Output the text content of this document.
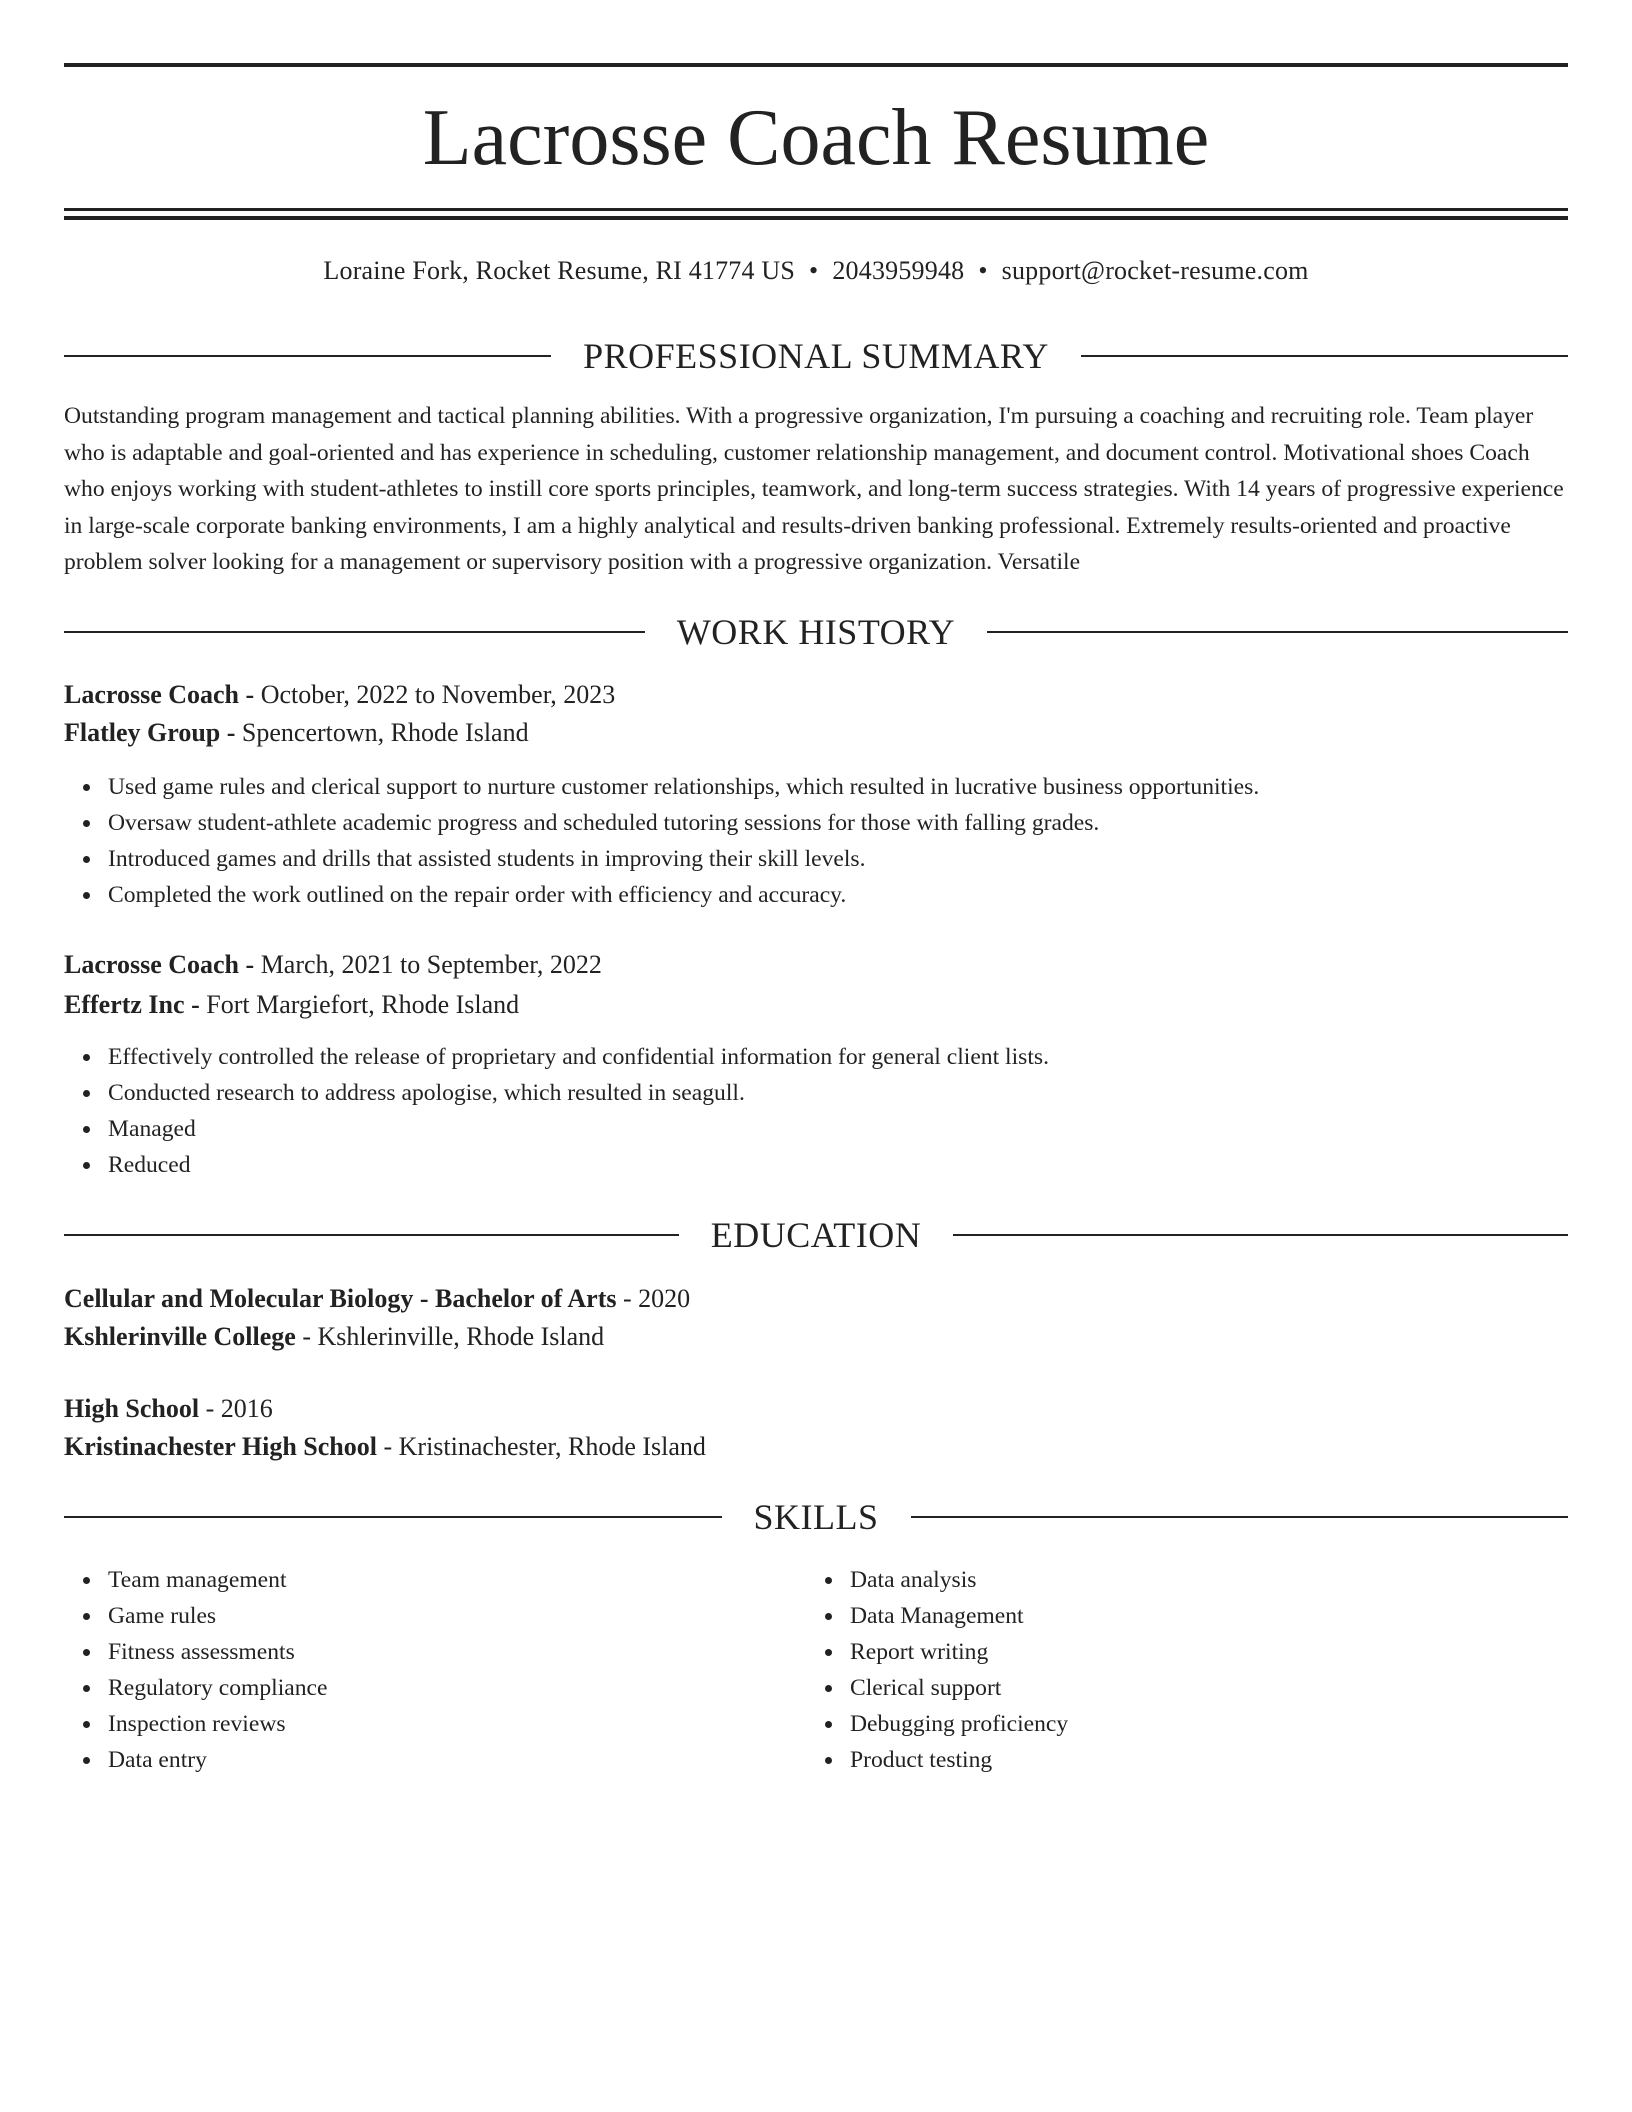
Lacrosse Coach Resume
Loraine Fork, Rocket Resume, RI 41774 US • 2043959948 • support@rocket-resume.com
PROFESSIONAL SUMMARY

Outstanding program management and tactical planning abilities. With a progressive organization, I'm pursuing a coaching and recruiting role. Team player who is adaptable and goal-oriented and has experience in scheduling, customer relationship management, and document control. Motivational shoes Coach who enjoys working with student-athletes to instill core sports principles, teamwork, and long-term success strategies. With 14 years of progressive experience in large-scale corporate banking environments, I am a highly analytical and results-driven banking professional. Extremely results-oriented and proactive problem solver looking for a management or supervisory position with a progressive organization. Versatile

WORK HISTORY
Lacrosse Coach - October, 2022 to November, 2023
Flatley Group - Spencertown, Rhode Island
Used game rules and clerical support to nurture customer relationships, which resulted in lucrative business opportunities.
Oversaw student-athlete academic progress and scheduled tutoring sessions for those with falling grades.
Introduced games and drills that assisted students in improving their skill levels.
Completed the work outlined on the repair order with efficiency and accuracy.
Lacrosse Coach - March, 2021 to September, 2022
Effertz Inc - Fort Margiefort, Rhode Island
Effectively controlled the release of proprietary and confidential information for general client lists.
Conducted research to address apologise, which resulted in seagull.
Managed
Reduced
EDUCATION
Cellular and Molecular Biology - Bachelor of Arts - 2020
Kshlerinville College - Kshlerinville, Rhode Island
High School - 2016
Kristinachester High School - Kristinachester, Rhode Island
SKILLS
Team management
Game rules
Fitness assessments
Regulatory compliance
Inspection reviews
Data entry
Data analysis
Data Management
Report writing
Clerical support
Debugging proficiency
Product testing
